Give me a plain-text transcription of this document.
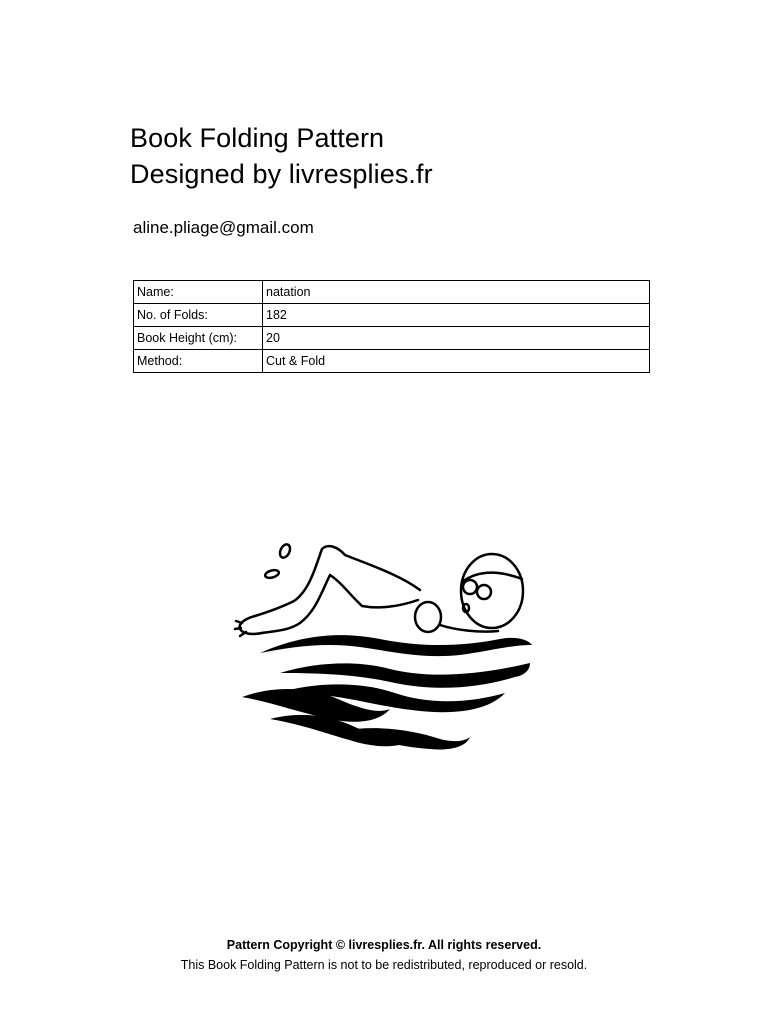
Book Folding Pattern
Designed by livresplies.fr
aline.pliage@gmail.com
Name:	natation
No. of Folds:	182
Book Height (cm):	20
Method:	Cut & Fold
Pattern Copyright © livresplies.fr. All rights reserved.
This Book Folding Pattern is not to be redistributed, reproduced or resold.
